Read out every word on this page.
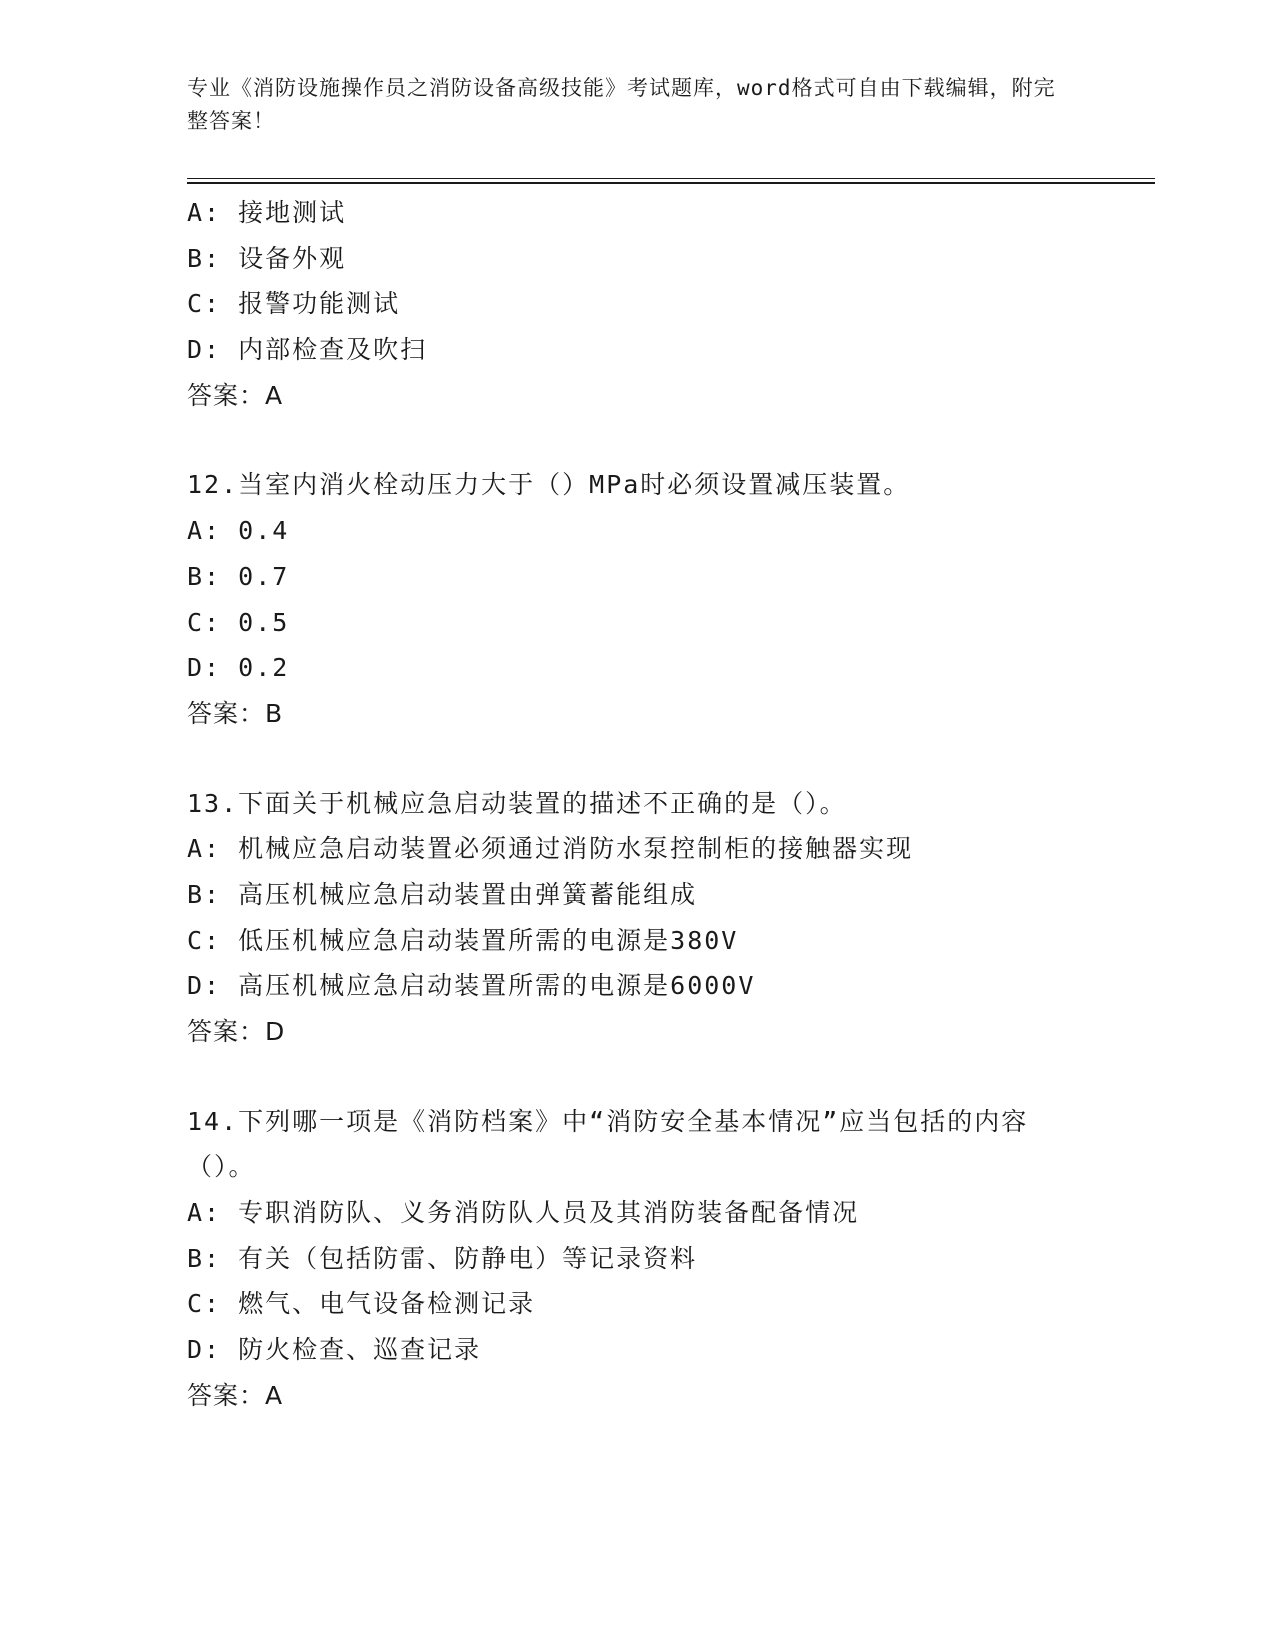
专业《消防设施操作员之消防设备高级技能》考试题库，word格式可自由下载编辑，附完整答案！
A: 接地测试
B: 设备外观
C: 报警功能测试
D: 内部检查及吹扫
答案：A
12.当室内消火栓动压力大于（）MPa时必须设置减压装置。
A: 0.4
B: 0.7
C: 0.5
D: 0.2
答案：B
13.下面关于机械应急启动装置的描述不正确的是（）。
A: 机械应急启动装置必须通过消防水泵控制柜的接触器实现
B: 高压机械应急启动装置由弹簧蓄能组成
C: 低压机械应急启动装置所需的电源是380V
D: 高压机械应急启动装置所需的电源是6000V
答案：D
14.下列哪一项是《消防档案》中“消防安全基本情况”应当包括的内容（）。
A: 专职消防队、义务消防队人员及其消防装备配备情况
B: 有关（包括防雷、防静电）等记录资料
C: 燃气、电气设备检测记录
D: 防火检查、巡查记录
答案：A
